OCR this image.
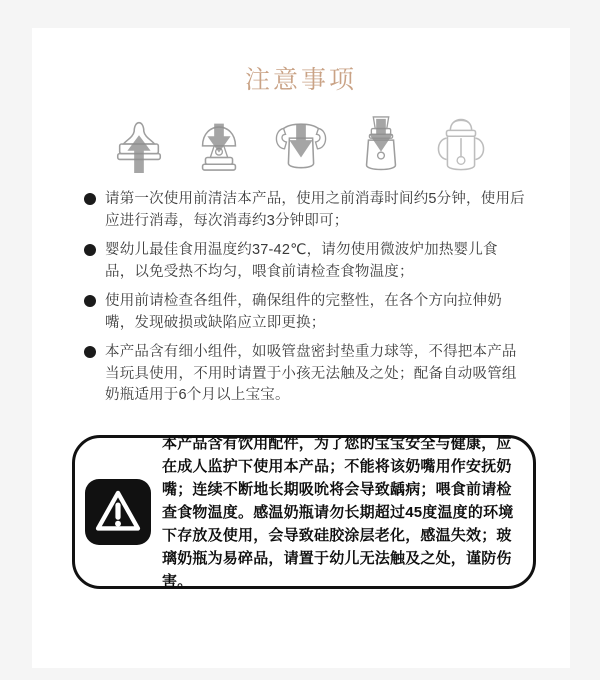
注意事项
请第一次使用前清洁本产品，使用之前消毒时间约5分钟，使用后应进行消毒，每次消毒约3分钟即可；
婴幼儿最佳食用温度约37-42℃，请勿使用微波炉加热婴儿食品，以免受热不均匀，喂食前请检查食物温度；
使用前请检查各组件，确保组件的完整性，在各个方向拉伸奶嘴，发现破损或缺陷应立即更换；
本产品含有细小组件，如吸管盘密封垫重力球等，不得把本产品当玩具使用，不用时请置于小孩无法触及之处；配备自动吸管组奶瓶适用于6个月以上宝宝。
本产品含有饮用配件，为了您的宝宝安全与健康，应在成人监护下使用本产品；不能将该奶嘴用作安抚奶嘴；连续不断地长期吸吮将会导致龋病；喂食前请检查食物温度。感温奶瓶请勿长期超过45度温度的环境下存放及使用，会导致硅胶涂层老化，感温失效；玻璃奶瓶为易碎品，请置于幼儿无法触及之处，谨防伤害。
